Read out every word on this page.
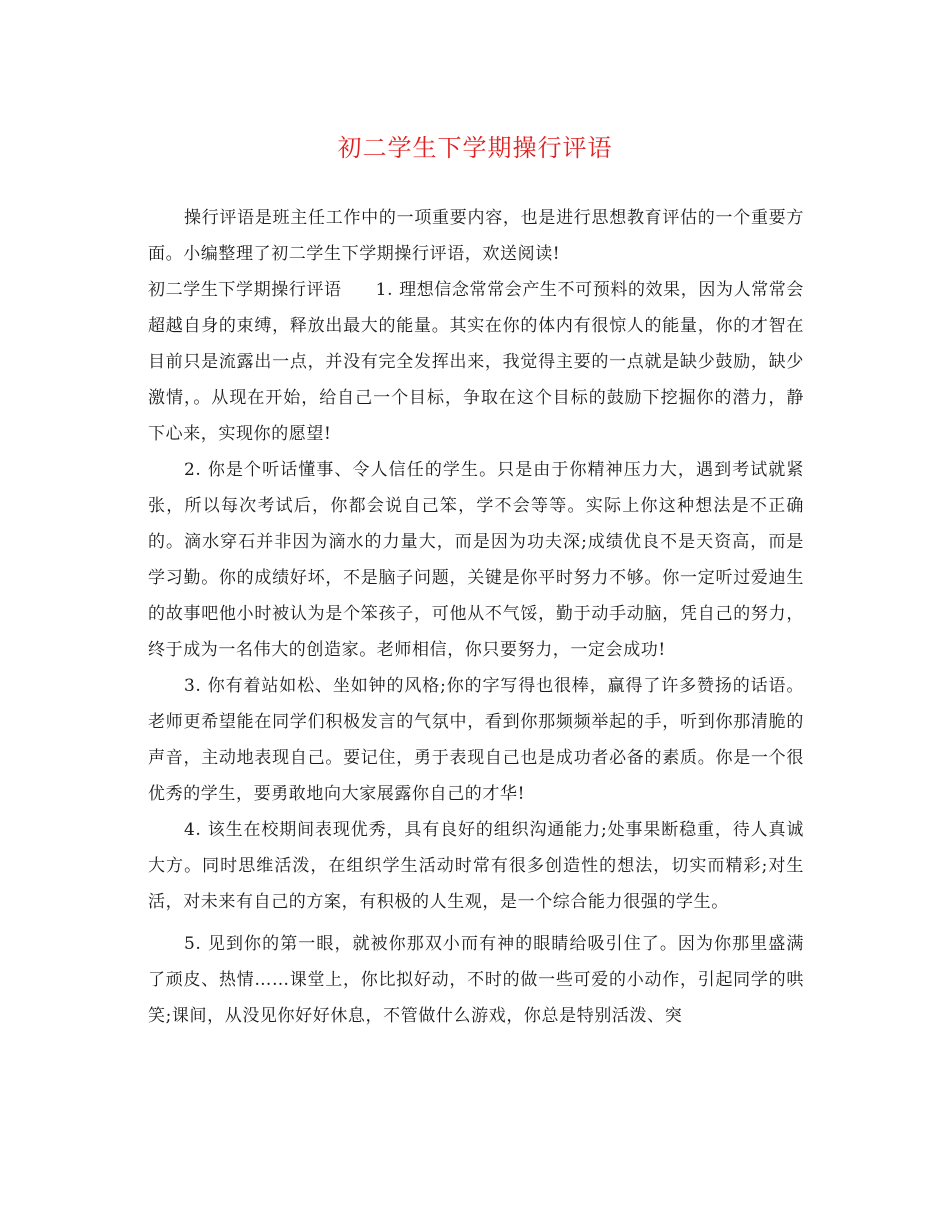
初二学生下学期操行评语

操行评语是班主任工作中的一项重要内容，也是进行思想教育评估的一个重要方面。小编整理了初二学生下学期操行评语，欢送阅读!

初二学生下学期操行评语 1. 理想信念常常会产生不可预料的效果，因为人常常会超越自身的束缚，释放出最大的能量。其实在你的体内有很惊人的能量，你的才智在目前只是流露出一点，并没有完全发挥出来，我觉得主要的一点就是缺少鼓励，缺少激情，。从现在开始，给自己一个目标，争取在这个目标的鼓励下挖掘你的潜力，静下心来，实现你的愿望!

2. 你是个听话懂事、令人信任的学生。只是由于你精神压力大，遇到考试就紧张，所以每次考试后，你都会说自己笨，学不会等等。实际上你这种想法是不正确的。滴水穿石并非因为滴水的力量大，而是因为功夫深;成绩优良不是天资高，而是学习勤。你的成绩好坏，不是脑子问题，关键是你平时努力不够。你一定听过爱迪生的故事吧他小时被认为是个笨孩子，可他从不气馁，勤于动手动脑，凭自己的努力，终于成为一名伟大的创造家。老师相信，你只要努力，一定会成功!

3. 你有着站如松、坐如钟的风格;你的字写得也很棒，赢得了许多赞扬的话语。老师更希望能在同学们积极发言的气氛中，看到你那频频举起的手，听到你那清脆的声音，主动地表现自己。要记住，勇于表现自己也是成功者必备的素质。你是一个很优秀的学生，要勇敢地向大家展露你自己的才华!

4. 该生在校期间表现优秀，具有良好的组织沟通能力;处事果断稳重，待人真诚大方。同时思维活泼，在组织学生活动时常有很多创造性的想法，切实而精彩;对生活，对未来有自己的方案，有积极的人生观，是一个综合能力很强的学生。

5. 见到你的第一眼，就被你那双小而有神的眼睛给吸引住了。因为你那里盛满了顽皮、热情……课堂上，你比拟好动，不时的做一些可爱的小动作，引起同学的哄笑;课间，从没见你好好休息，不管做什么游戏，你总是特别活泼、突
